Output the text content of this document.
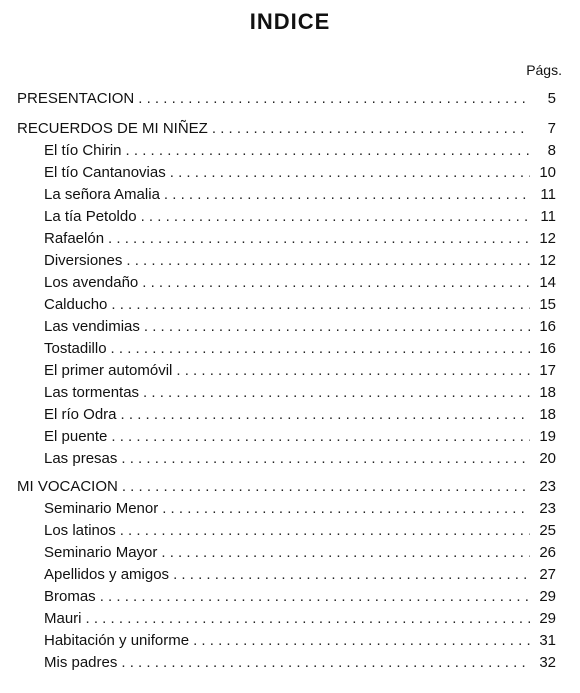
INDICE
Págs.
PRESENTACION . . .	5
RECUERDOS DE MI NIÑEZ . . .	7
El tío Chirin . . .	8
El tío Cantanovias . . .	10
La señora Amalia . . .	11
La tía Petoldo . . .	11
Rafaelón . . .	12
Diversiones . . .	12
Los avendaño . . .	14
Calducho . . .	15
Las vendimias . . .	16
Tostadillo . . .	16
El primer automóvil . . .	17
Las tormentas . . .	18
El río Odra . . .	18
El puente . . .	19
Las presas . . .	20
MI VOCACION . . .	23
Seminario Menor . . .	23
Los latinos . . .	25
Seminario Mayor . . .	26
Apellidos y amigos . . .	27
Bromas . . .	29
Mauri . . .	29
Habitación y uniforme . . .	31
Mis padres . . .	32
